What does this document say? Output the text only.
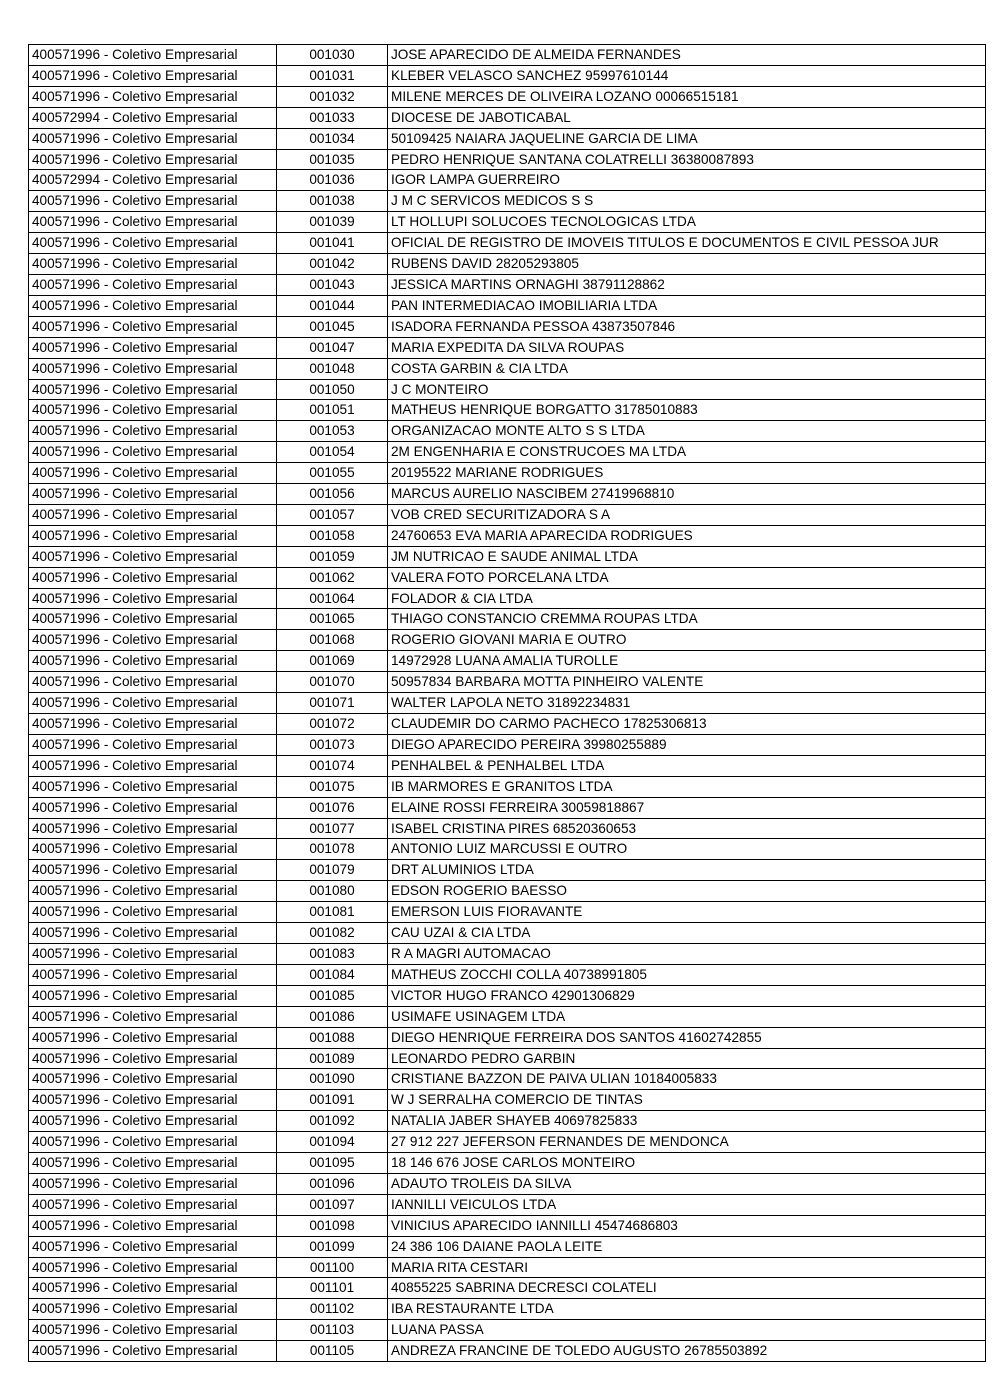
400571996 - Coletivo Empresarial	001030	JOSE APARECIDO DE ALMEIDA FERNANDES
400571996 - Coletivo Empresarial	001031	KLEBER VELASCO SANCHEZ 95997610144
400571996 - Coletivo Empresarial	001032	MILENE MERCES DE OLIVEIRA LOZANO 00066515181
400572994 - Coletivo Empresarial	001033	DIOCESE DE JABOTICABAL
400571996 - Coletivo Empresarial	001034	50109425 NAIARA JAQUELINE GARCIA DE LIMA
400571996 - Coletivo Empresarial	001035	PEDRO HENRIQUE SANTANA COLATRELLI 36380087893
400572994 - Coletivo Empresarial	001036	IGOR LAMPA GUERREIRO
400571996 - Coletivo Empresarial	001038	J M C SERVICOS MEDICOS S S
400571996 - Coletivo Empresarial	001039	LT HOLLUPI SOLUCOES TECNOLOGICAS LTDA
400571996 - Coletivo Empresarial	001041	OFICIAL DE REGISTRO DE IMOVEIS TITULOS E DOCUMENTOS E CIVIL PESSOA JUR
400571996 - Coletivo Empresarial	001042	RUBENS DAVID 28205293805
400571996 - Coletivo Empresarial	001043	JESSICA MARTINS ORNAGHI 38791128862
400571996 - Coletivo Empresarial	001044	PAN INTERMEDIACAO IMOBILIARIA LTDA
400571996 - Coletivo Empresarial	001045	ISADORA FERNANDA PESSOA 43873507846
400571996 - Coletivo Empresarial	001047	MARIA EXPEDITA DA SILVA ROUPAS
400571996 - Coletivo Empresarial	001048	COSTA GARBIN & CIA LTDA
400571996 - Coletivo Empresarial	001050	J C MONTEIRO
400571996 - Coletivo Empresarial	001051	MATHEUS HENRIQUE BORGATTO 31785010883
400571996 - Coletivo Empresarial	001053	ORGANIZACAO MONTE ALTO S S LTDA
400571996 - Coletivo Empresarial	001054	2M ENGENHARIA E CONSTRUCOES MA LTDA
400571996 - Coletivo Empresarial	001055	20195522 MARIANE RODRIGUES
400571996 - Coletivo Empresarial	001056	MARCUS AURELIO NASCIBEM 27419968810
400571996 - Coletivo Empresarial	001057	VOB CRED SECURITIZADORA S A
400571996 - Coletivo Empresarial	001058	24760653 EVA MARIA APARECIDA RODRIGUES
400571996 - Coletivo Empresarial	001059	JM NUTRICAO E SAUDE ANIMAL LTDA
400571996 - Coletivo Empresarial	001062	VALERA FOTO PORCELANA LTDA
400571996 - Coletivo Empresarial	001064	FOLADOR & CIA LTDA
400571996 - Coletivo Empresarial	001065	THIAGO CONSTANCIO CREMMA ROUPAS LTDA
400571996 - Coletivo Empresarial	001068	ROGERIO GIOVANI MARIA E OUTRO
400571996 - Coletivo Empresarial	001069	14972928 LUANA AMALIA TUROLLE
400571996 - Coletivo Empresarial	001070	50957834 BARBARA MOTTA PINHEIRO VALENTE
400571996 - Coletivo Empresarial	001071	WALTER LAPOLA NETO 31892234831
400571996 - Coletivo Empresarial	001072	CLAUDEMIR DO CARMO PACHECO 17825306813
400571996 - Coletivo Empresarial	001073	DIEGO APARECIDO PEREIRA 39980255889
400571996 - Coletivo Empresarial	001074	PENHALBEL & PENHALBEL LTDA
400571996 - Coletivo Empresarial	001075	IB MARMORES E GRANITOS LTDA
400571996 - Coletivo Empresarial	001076	ELAINE ROSSI FERREIRA 30059818867
400571996 - Coletivo Empresarial	001077	ISABEL CRISTINA PIRES 68520360653
400571996 - Coletivo Empresarial	001078	ANTONIO LUIZ MARCUSSI E OUTRO
400571996 - Coletivo Empresarial	001079	DRT ALUMINIOS LTDA
400571996 - Coletivo Empresarial	001080	EDSON ROGERIO BAESSO
400571996 - Coletivo Empresarial	001081	EMERSON LUIS FIORAVANTE
400571996 - Coletivo Empresarial	001082	CAU UZAI & CIA LTDA
400571996 - Coletivo Empresarial	001083	R A MAGRI AUTOMACAO
400571996 - Coletivo Empresarial	001084	MATHEUS ZOCCHI COLLA 40738991805
400571996 - Coletivo Empresarial	001085	VICTOR HUGO FRANCO 42901306829
400571996 - Coletivo Empresarial	001086	USIMAFE USINAGEM LTDA
400571996 - Coletivo Empresarial	001088	DIEGO HENRIQUE FERREIRA DOS SANTOS 41602742855
400571996 - Coletivo Empresarial	001089	LEONARDO PEDRO GARBIN
400571996 - Coletivo Empresarial	001090	CRISTIANE BAZZON DE PAIVA ULIAN 10184005833
400571996 - Coletivo Empresarial	001091	W J SERRALHA COMERCIO DE TINTAS
400571996 - Coletivo Empresarial	001092	NATALIA JABER SHAYEB 40697825833
400571996 - Coletivo Empresarial	001094	27 912 227 JEFERSON FERNANDES DE MENDONCA
400571996 - Coletivo Empresarial	001095	18 146 676 JOSE CARLOS MONTEIRO
400571996 - Coletivo Empresarial	001096	ADAUTO TROLEIS DA SILVA
400571996 - Coletivo Empresarial	001097	IANNILLI VEICULOS LTDA
400571996 - Coletivo Empresarial	001098	VINICIUS APARECIDO IANNILLI 45474686803
400571996 - Coletivo Empresarial	001099	24 386 106 DAIANE PAOLA LEITE
400571996 - Coletivo Empresarial	001100	MARIA RITA CESTARI
400571996 - Coletivo Empresarial	001101	40855225 SABRINA DECRESCI COLATELI
400571996 - Coletivo Empresarial	001102	IBA RESTAURANTE LTDA
400571996 - Coletivo Empresarial	001103	LUANA PASSA
400571996 - Coletivo Empresarial	001105	ANDREZA FRANCINE DE TOLEDO AUGUSTO 26785503892
